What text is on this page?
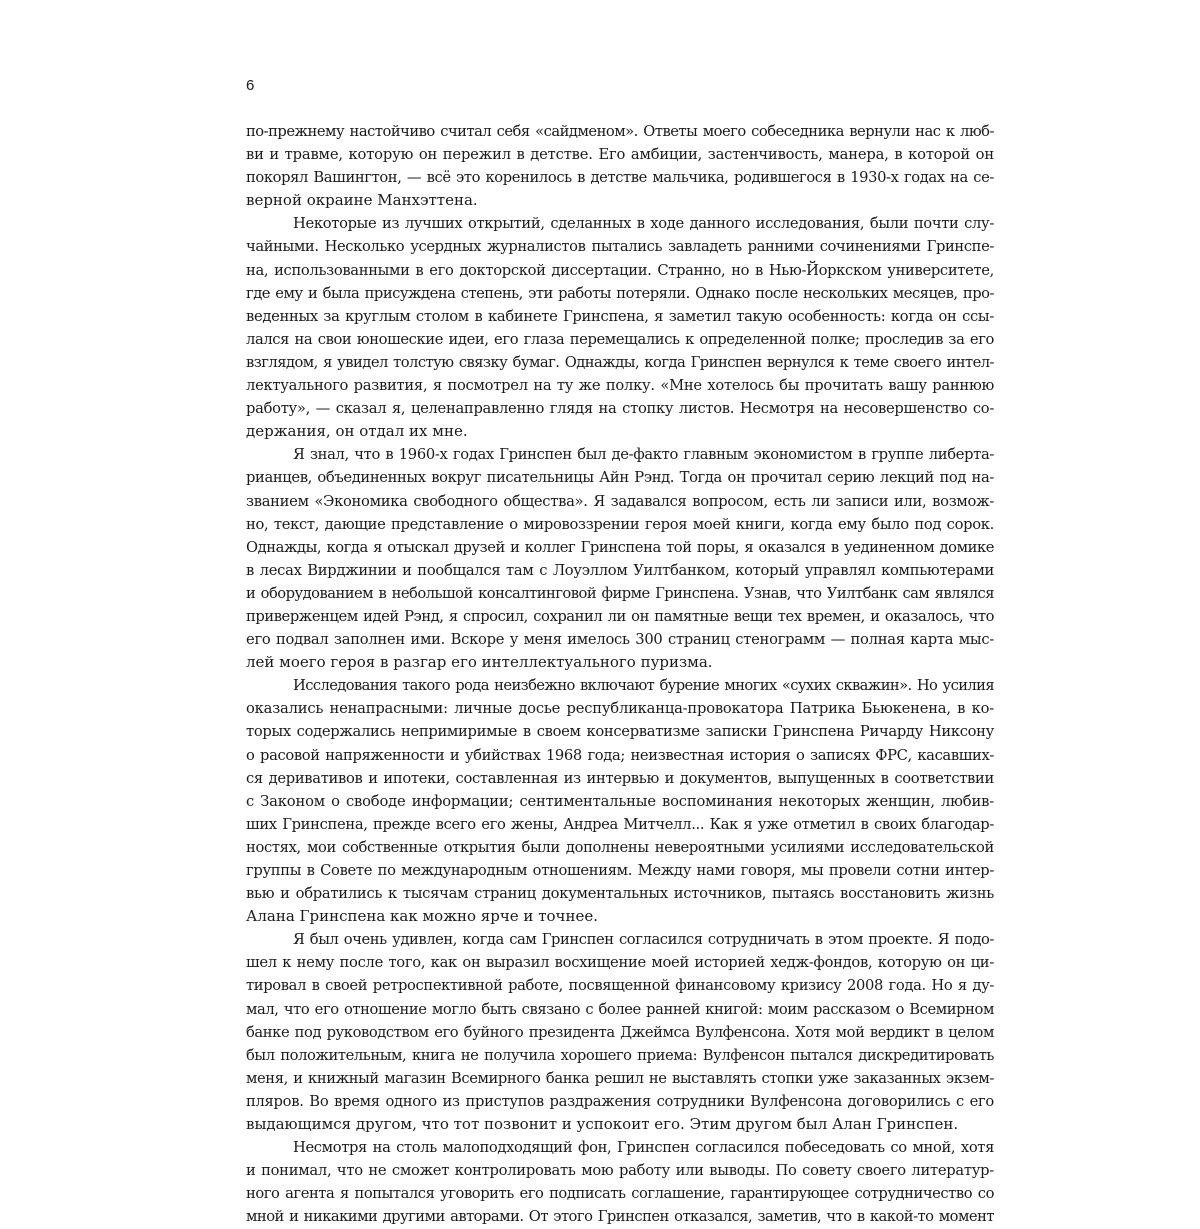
6
по-прежнему настойчиво считал себя «сайдменом». Ответы моего собеседника вернули нас к люб-
ви и травме, которую он пережил в детстве. Его амбиции, застенчивость, манера, в которой он
покорял Вашингтон, — всё это коренилось в детстве мальчика, родившегося в 1930-х годах на се-
верной окраине Манхэттена.
Некоторые из лучших открытий, сделанных в ходе данного исследования, были почти слу-
чайными. Несколько усердных журналистов пытались завладеть ранними сочинениями Гринспе-
на, использованными в его докторской диссертации. Странно, но в Нью-Йоркском университете,
где ему и была присуждена степень, эти работы потеряли. Однако после нескольких месяцев, про-
веденных за круглым столом в кабинете Гринспена, я заметил такую особенность: когда он ссы-
лался на свои юношеские идеи, его глаза перемещались к определенной полке; проследив за его
взглядом, я увидел толстую связку бумаг. Однажды, когда Гринспен вернулся к теме своего интел-
лектуального развития, я посмотрел на ту же полку. «Мне хотелось бы прочитать вашу раннюю
работу», — сказал я, целенаправленно глядя на стопку листов. Несмотря на несовершенство со-
держания, он отдал их мне.
Я знал, что в 1960-х годах Гринспен был де-факто главным экономистом в группе либерта-
рианцев, объединенных вокруг писательницы Айн Рэнд. Тогда он прочитал серию лекций под на-
званием «Экономика свободного общества». Я задавался вопросом, есть ли записи или, возмож-
но, текст, дающие представление о мировоззрении героя моей книги, когда ему было под сорок.
Однажды, когда я отыскал друзей и коллег Гринспена той поры, я оказался в уединенном домике
в лесах Вирджинии и пообщался там с Лоуэллом Уилтбанком, который управлял компьютерами
и оборудованием в небольшой консалтинговой фирме Гринспена. Узнав, что Уилтбанк сам являлся
приверженцем идей Рэнд, я спросил, сохранил ли он памятные вещи тех времен, и оказалось, что
его подвал заполнен ими. Вскоре у меня имелось 300 страниц стенограмм — полная карта мыс-
лей моего героя в разгар его интеллектуального пуризма.
Исследования такого рода неизбежно включают бурение многих «сухих скважин». Но усилия
оказались ненапрасными: личные досье республиканца-провокатора Патрика Бьюкенена, в ко-
торых содержались непримиримые в своем консерватизме записки Гринспена Ричарду Никсону
о расовой напряженности и убийствах 1968 года; неизвестная история о записях ФРС, касавших-
ся деривативов и ипотеки, составленная из интервью и документов, выпущенных в соответствии
с Законом о свободе информации; сентиментальные воспоминания некоторых женщин, любив-
ших Гринспена, прежде всего его жены, Андреа Митчелл... Как я уже отметил в своих благодар-
ностях, мои собственные открытия были дополнены невероятными усилиями исследовательской
группы в Совете по международным отношениям. Между нами говоря, мы провели сотни интер-
вью и обратились к тысячам страниц документальных источников, пытаясь восстановить жизнь
Алана Гринспена как можно ярче и точнее.
Я был очень удивлен, когда сам Гринспен согласился сотрудничать в этом проекте. Я подо-
шел к нему после того, как он выразил восхищение моей историей хедж-фондов, которую он ци-
тировал в своей ретроспективной работе, посвященной финансовому кризису 2008 года. Но я ду-
мал, что его отношение могло быть связано с более ранней книгой: моим рассказом о Всемирном
банке под руководством его буйного президента Джеймса Вулфенсона. Хотя мой вердикт в целом
был положительным, книга не получила хорошего приема: Вулфенсон пытался дискредитировать
меня, и книжный магазин Всемирного банка решил не выставлять стопки уже заказанных экзем-
пляров. Во время одного из приступов раздражения сотрудники Вулфенсона договорились с его
выдающимся другом, что тот позвонит и успокоит его. Этим другом был Алан Гринспен.
Несмотря на столь малоподходящий фон, Гринспен согласился побеседовать со мной, хотя
и понимал, что не сможет контролировать мою работу или выводы. По совету своего литератур-
ного агента я попытался уговорить его подписать соглашение, гарантирующее сотрудничество со
мной и никакими другими авторами. От этого Гринспен отказался, заметив, что в какой-то момент
